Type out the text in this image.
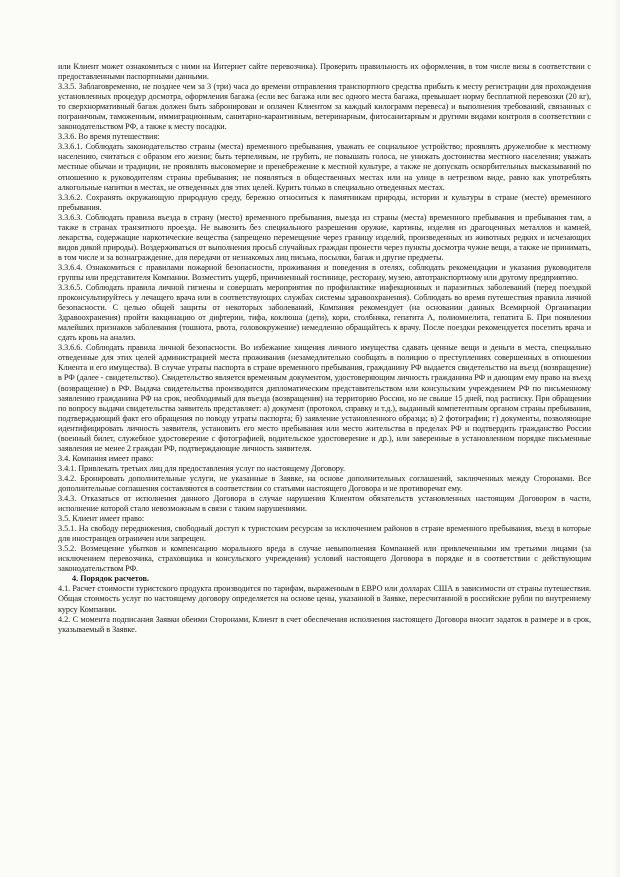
или Клиент может ознакомиться с ними на Интернет сайте перевозчика). Проверить правильность их оформления, в том числе визы в соответствии с предоставленными паспортными данными.

3.3.5. Заблаговременно, не позднее чем за 3 (три) часа до времени отправления транспортного средства прибыть к месту регистрации для прохождения установленных процедур досмотра, оформления багажа (если вес багажа или вес одного места багажа, превышает норму бесплатной перевозки (20 кг), то сверхнормативный багаж должен быть забронирован и оплачен Клиентом за каждый килограмм перевеса) и выполнения требований, связанных с пограничным, таможенным, иммиграционным, санитарно-карантинным, ветеринарным, фитосанитарным и другими видами контроля в соответствии с законодательством РФ, а также к месту посадки.

3.3.6. Во время путешествия:

3.3.6.1. Соблюдать законодательство страны (места) временного пребывания, уважать ее социальное устройство; проявлять дружелюбие к местному населению, считаться с образом его жизни; быть терпеливым, не грубить, не повышать голоса, не унижать достоинства местного населения; уважать местные обычаи и традиции, не проявлять высокомерие и пренебрежение к местной культуре, а также не допускать оскорбительных высказываний по отношению к руководителям страны пребывания; не появляться в общественных местах или на улице в нетрезвом виде, равно как употреблять алкогольные напитки в местах, не отведенных для этих целей. Курить только в специально отведенных местах.

3.3.6.2. Сохранять окружающую природную среду, бережно относиться к памятникам природы, истории и культуры в стране (месте) временного пребывания.

3.3.6.3. Соблюдать правила въезда в страну (место) временного пребывания, выезда из страны (места) временного пребывания и пребывания там, а также в странах транзитного проезда. Не вывозить без специального разрешения оружие, картины, изделия из драгоценных металлов и камней, лекарства, содержащие наркотические вещества (запрещено перемещение через границу изделий, произведенных из животных редких и исчезающих видов дикой природы). Воздерживаться от выполнения просьб случайных граждан пронести через пункты досмотра чужие вещи, а также не принимать, в том числе и за вознаграждение, для передачи от незнакомых лиц письма, посылки, багаж и другие предметы.

3.3.6.4. Ознакомиться с правилами пожарной безопасности, проживания и поведения в отелях, соблюдать рекомендации и указания руководителя группы или представителя Компании. Возместить ущерб, причиненный гостинице, ресторану, музею, автотранспортному или другому предприятию.

3.3.6.5. Соблюдать правила личной гигиены и совершать мероприятия по профилактике инфекционных и паразитных заболеваний (перед поездкой проконсультируйтесь у лечащего врача или в соответствующих службах системы здравоохранения). Соблюдать во время путешествия правила личной безопасности. С целью общей защиты от некоторых заболеваний, Компания рекомендует (на основании данных Всемирной Организации Здравоохранения) пройти вакцинацию от дифтерии, тифа, коклюша (дети), кори, столбняка, гепатита А, полиомиелита, гепатита Б. При появлении малейших признаков заболевания (тошнота, рвота, головокружение) немедленно обращайтесь к врачу. После поездки рекомендуется посетить врача и сдать кровь на анализ.

3.3.6.6. Соблюдать правила личной безопасности. Во избежание хищения личного имущества сдавать ценные вещи и деньги в места, специально отведенные для этих целей администрацией места проживания (незамедлительно сообщать в полицию о преступлениях совершенных в отношении Клиента и его имущества). В случае утраты паспорта в стране временного пребывания, гражданину РФ выдается свидетельство на въезд (возвращение) в РФ (далее - свидетельство). Свидетельство является временным документом, удостоверяющим личность гражданина РФ и дающим ему право на въезд (возвращение) в РФ. Выдача свидетельства производится дипломатическим представительством или консульским учреждением РФ по письменному заявлению гражданина РФ на срок, необходимый для въезда (возвращения) на территорию России, но не свыше 15 дней, под расписку. При обращении по вопросу выдачи свидетельства заявитель представляет: а) документ (протокол, справку и т.д.), выданный компетентным органом страны пребывания, подтверждающий факт его обращения по поводу утраты паспорта; б) заявление установленного образца; в) 2 фотографии; г) документы, позволяющие идентифицировать личность заявителя, установить его место пребывания или место жительства в пределах РФ и подтвердить гражданство России (военный билет, служебное удостоверение с фотографией, водительское удостоверение и др.), или заверенные в установленном порядке письменные заявления не менее 2 граждан РФ, подтверждающие личность заявителя.

3.4. Компания имеет право:

3.4.1. Привлекать третьих лиц для предоставления услуг по настоящему Договору.

3.4.2. Бронировать дополнительные услуги, не указанные в Заявке, на основе дополнительных соглашений, заключенных между Сторонами. Все дополнительные соглашения составляются в соответствии со статьями настоящего Договора и не противоречат ему.

3.4.3. Отказаться от исполнения данного Договора в случае нарушения Клиентом обязательств установленных настоящим Договором в части, исполнение которой стало невозможным в связи с таким нарушениями.

3.5. Клиент имеет право:

3.5.1. На свободу передвижения, свободный доступ к туристским ресурсам за исключением районов в стране временного пребывания, въезд в которые для иностранцев ограничен или запрещен.

3.5.2. Возмещение убытков и компенсацию морального вреда в случае невыполнения Компанией или привлеченными им третьими лицами (за исключением перевозчика, страховщика и консульского учреждения) условий настоящего Договора в порядке и в соответствии с действующим законодательством РФ.

4. Порядок расчетов.

4.1. Расчет стоимости туристского продукта производится по тарифам, выраженным в ЕВРО или долларах США в зависимости от страны путешествия. Общая стоимость услуг по настоящему договору определяется на основе цены, указанной в Заявке, пересчитанной в российские рубли по внутреннему курсу Компании.

4.2. С момента подписания Заявки обеими Сторонами, Клиент в счет обеспечения исполнения настоящего Договора вносит задаток в размере и в срок, указываемый в Заявке.
